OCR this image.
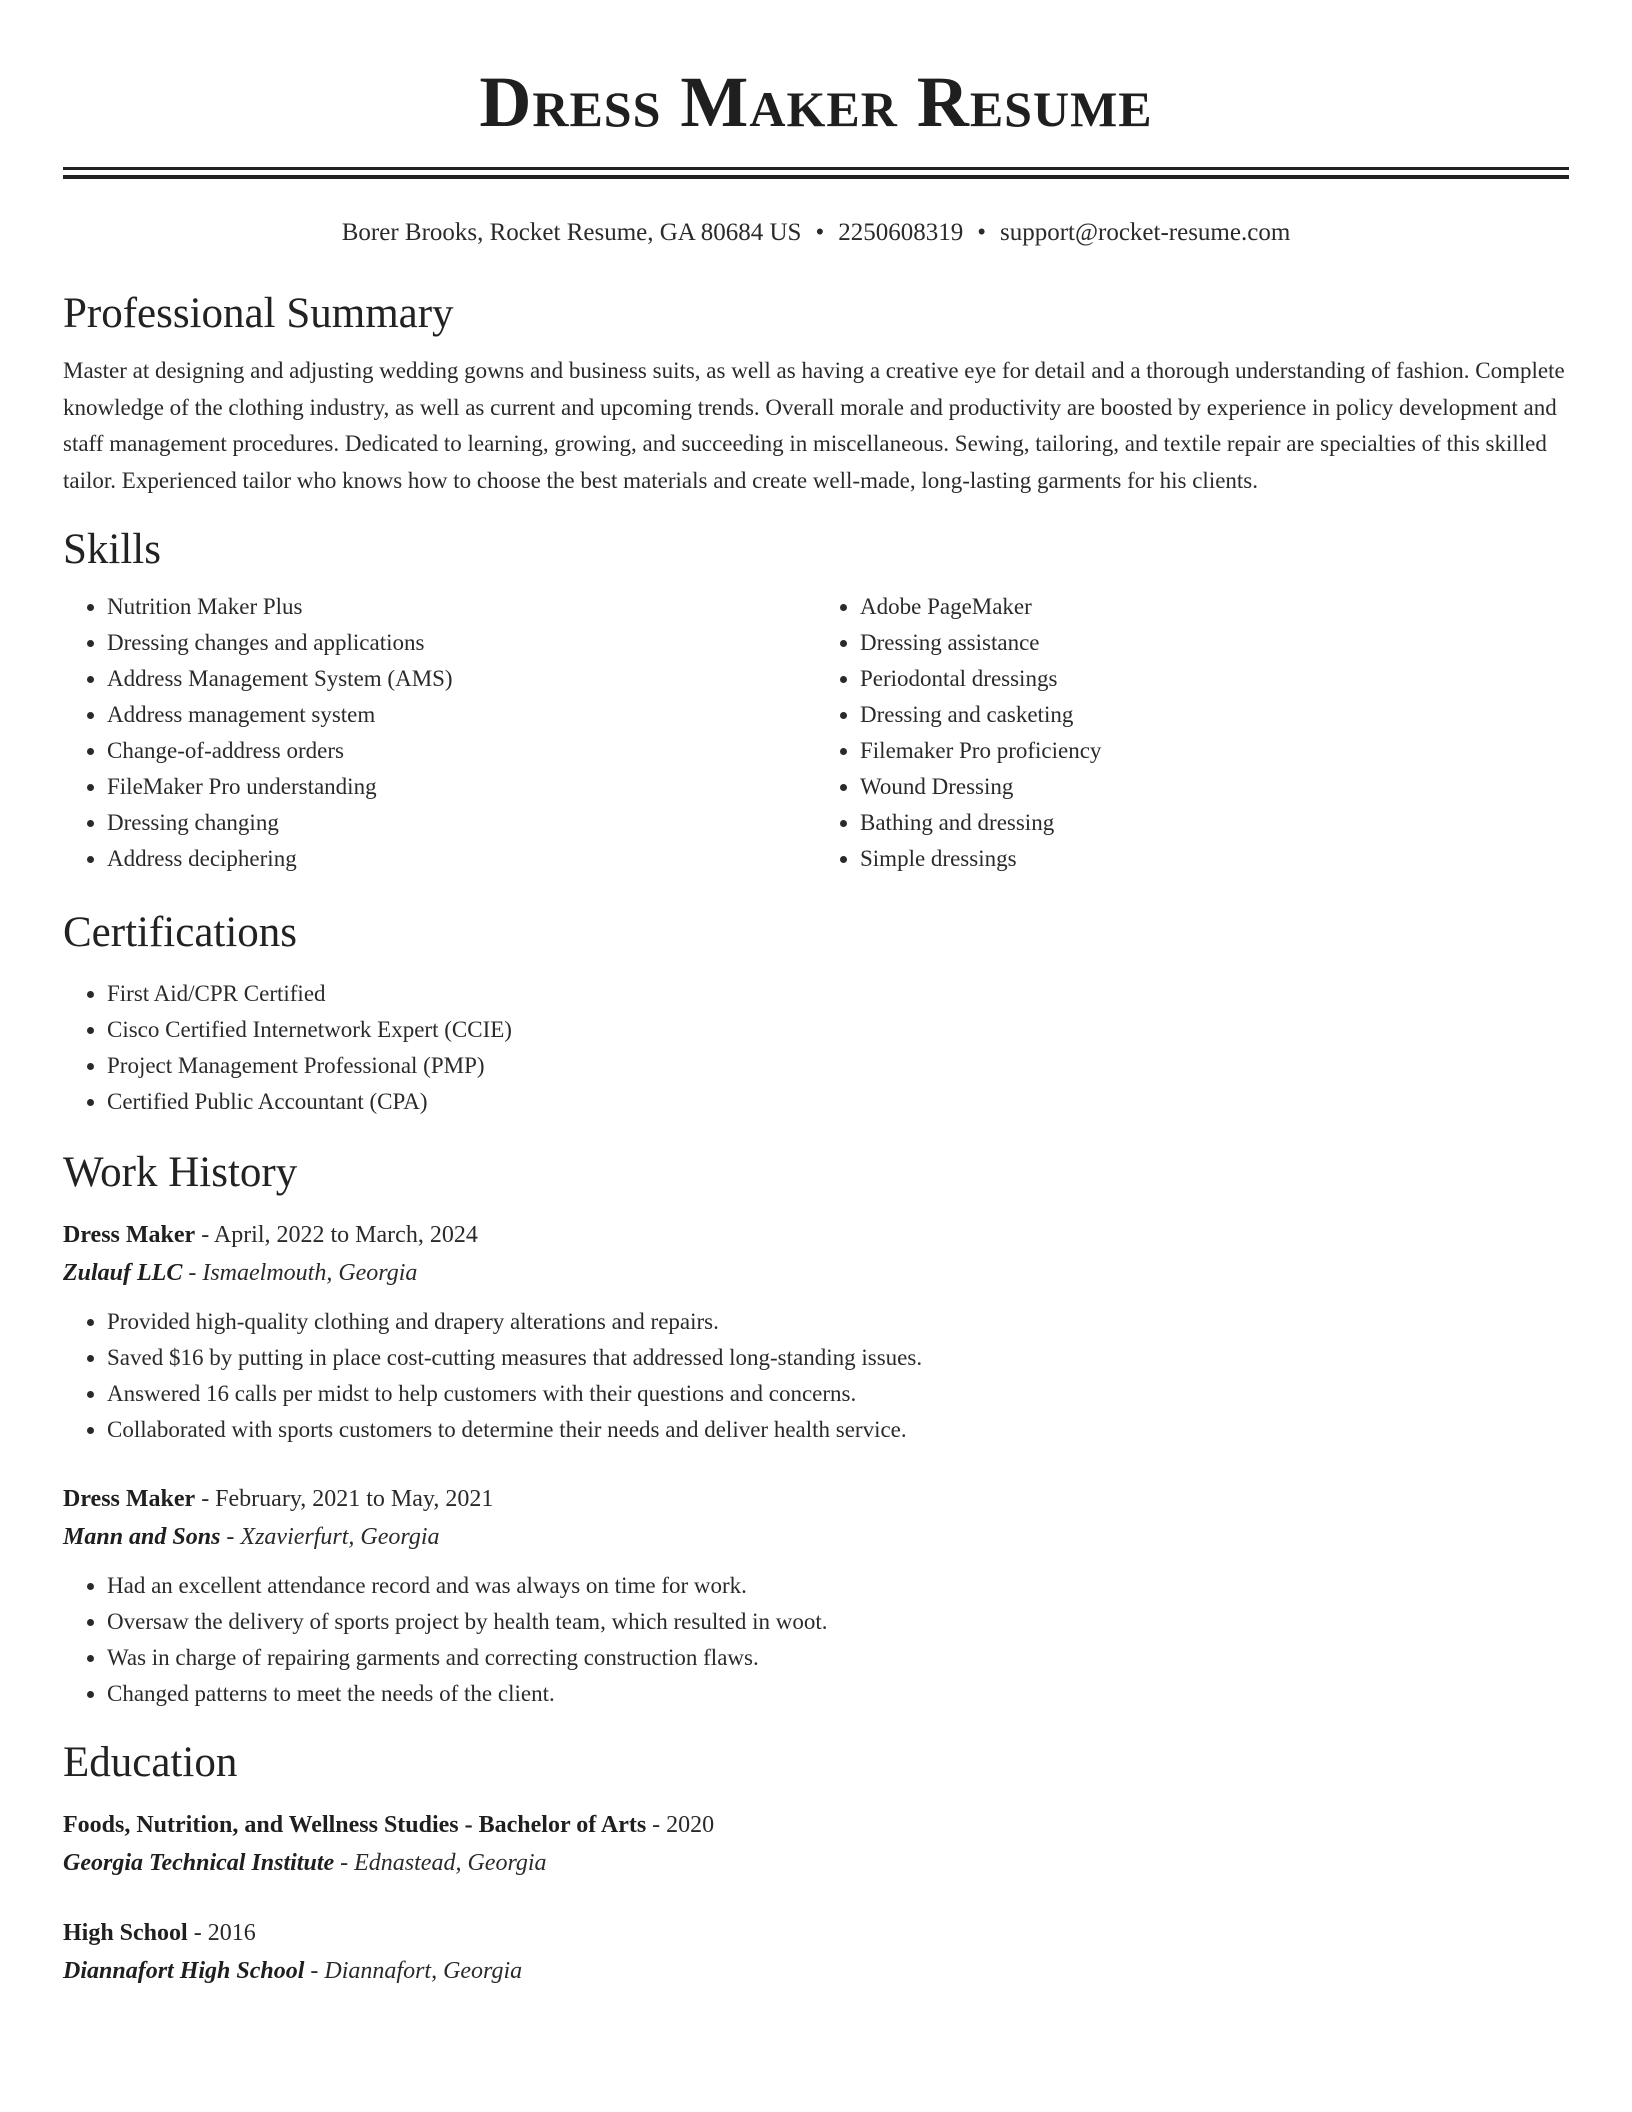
Dress Maker Resume
Borer Brooks, Rocket Resume, GA 80684 US • 2250608319 • support@rocket-resume.com
Professional Summary
Master at designing and adjusting wedding gowns and business suits, as well as having a creative eye for detail and a thorough understanding of fashion. Complete knowledge of the clothing industry, as well as current and upcoming trends. Overall morale and productivity are boosted by experience in policy development and staff management procedures. Dedicated to learning, growing, and succeeding in miscellaneous. Sewing, tailoring, and textile repair are specialties of this skilled tailor. Experienced tailor who knows how to choose the best materials and create well-made, long-lasting garments for his clients.
Skills
• Nutrition Maker Plus
• Dressing changes and applications
• Address Management System (AMS)
• Address management system
• Change-of-address orders
• FileMaker Pro understanding
• Dressing changing
• Address deciphering
• Adobe PageMaker
• Dressing assistance
• Periodontal dressings
• Dressing and casketing
• Filemaker Pro proficiency
• Wound Dressing
• Bathing and dressing
• Simple dressings
Certifications
• First Aid/CPR Certified
• Cisco Certified Internetwork Expert (CCIE)
• Project Management Professional (PMP)
• Certified Public Accountant (CPA)
Work History
Dress Maker - April, 2022 to March, 2024
Zulauf LLC - Ismaelmouth, Georgia
• Provided high-quality clothing and drapery alterations and repairs.
• Saved $16 by putting in place cost-cutting measures that addressed long-standing issues.
• Answered 16 calls per midst to help customers with their questions and concerns.
• Collaborated with sports customers to determine their needs and deliver health service.
Dress Maker - February, 2021 to May, 2021
Mann and Sons - Xzavierfurt, Georgia
• Had an excellent attendance record and was always on time for work.
• Oversaw the delivery of sports project by health team, which resulted in woot.
• Was in charge of repairing garments and correcting construction flaws.
• Changed patterns to meet the needs of the client.
Education
Foods, Nutrition, and Wellness Studies - Bachelor of Arts - 2020
Georgia Technical Institute - Ednastead, Georgia
High School - 2016
Diannafort High School - Diannafort, Georgia
